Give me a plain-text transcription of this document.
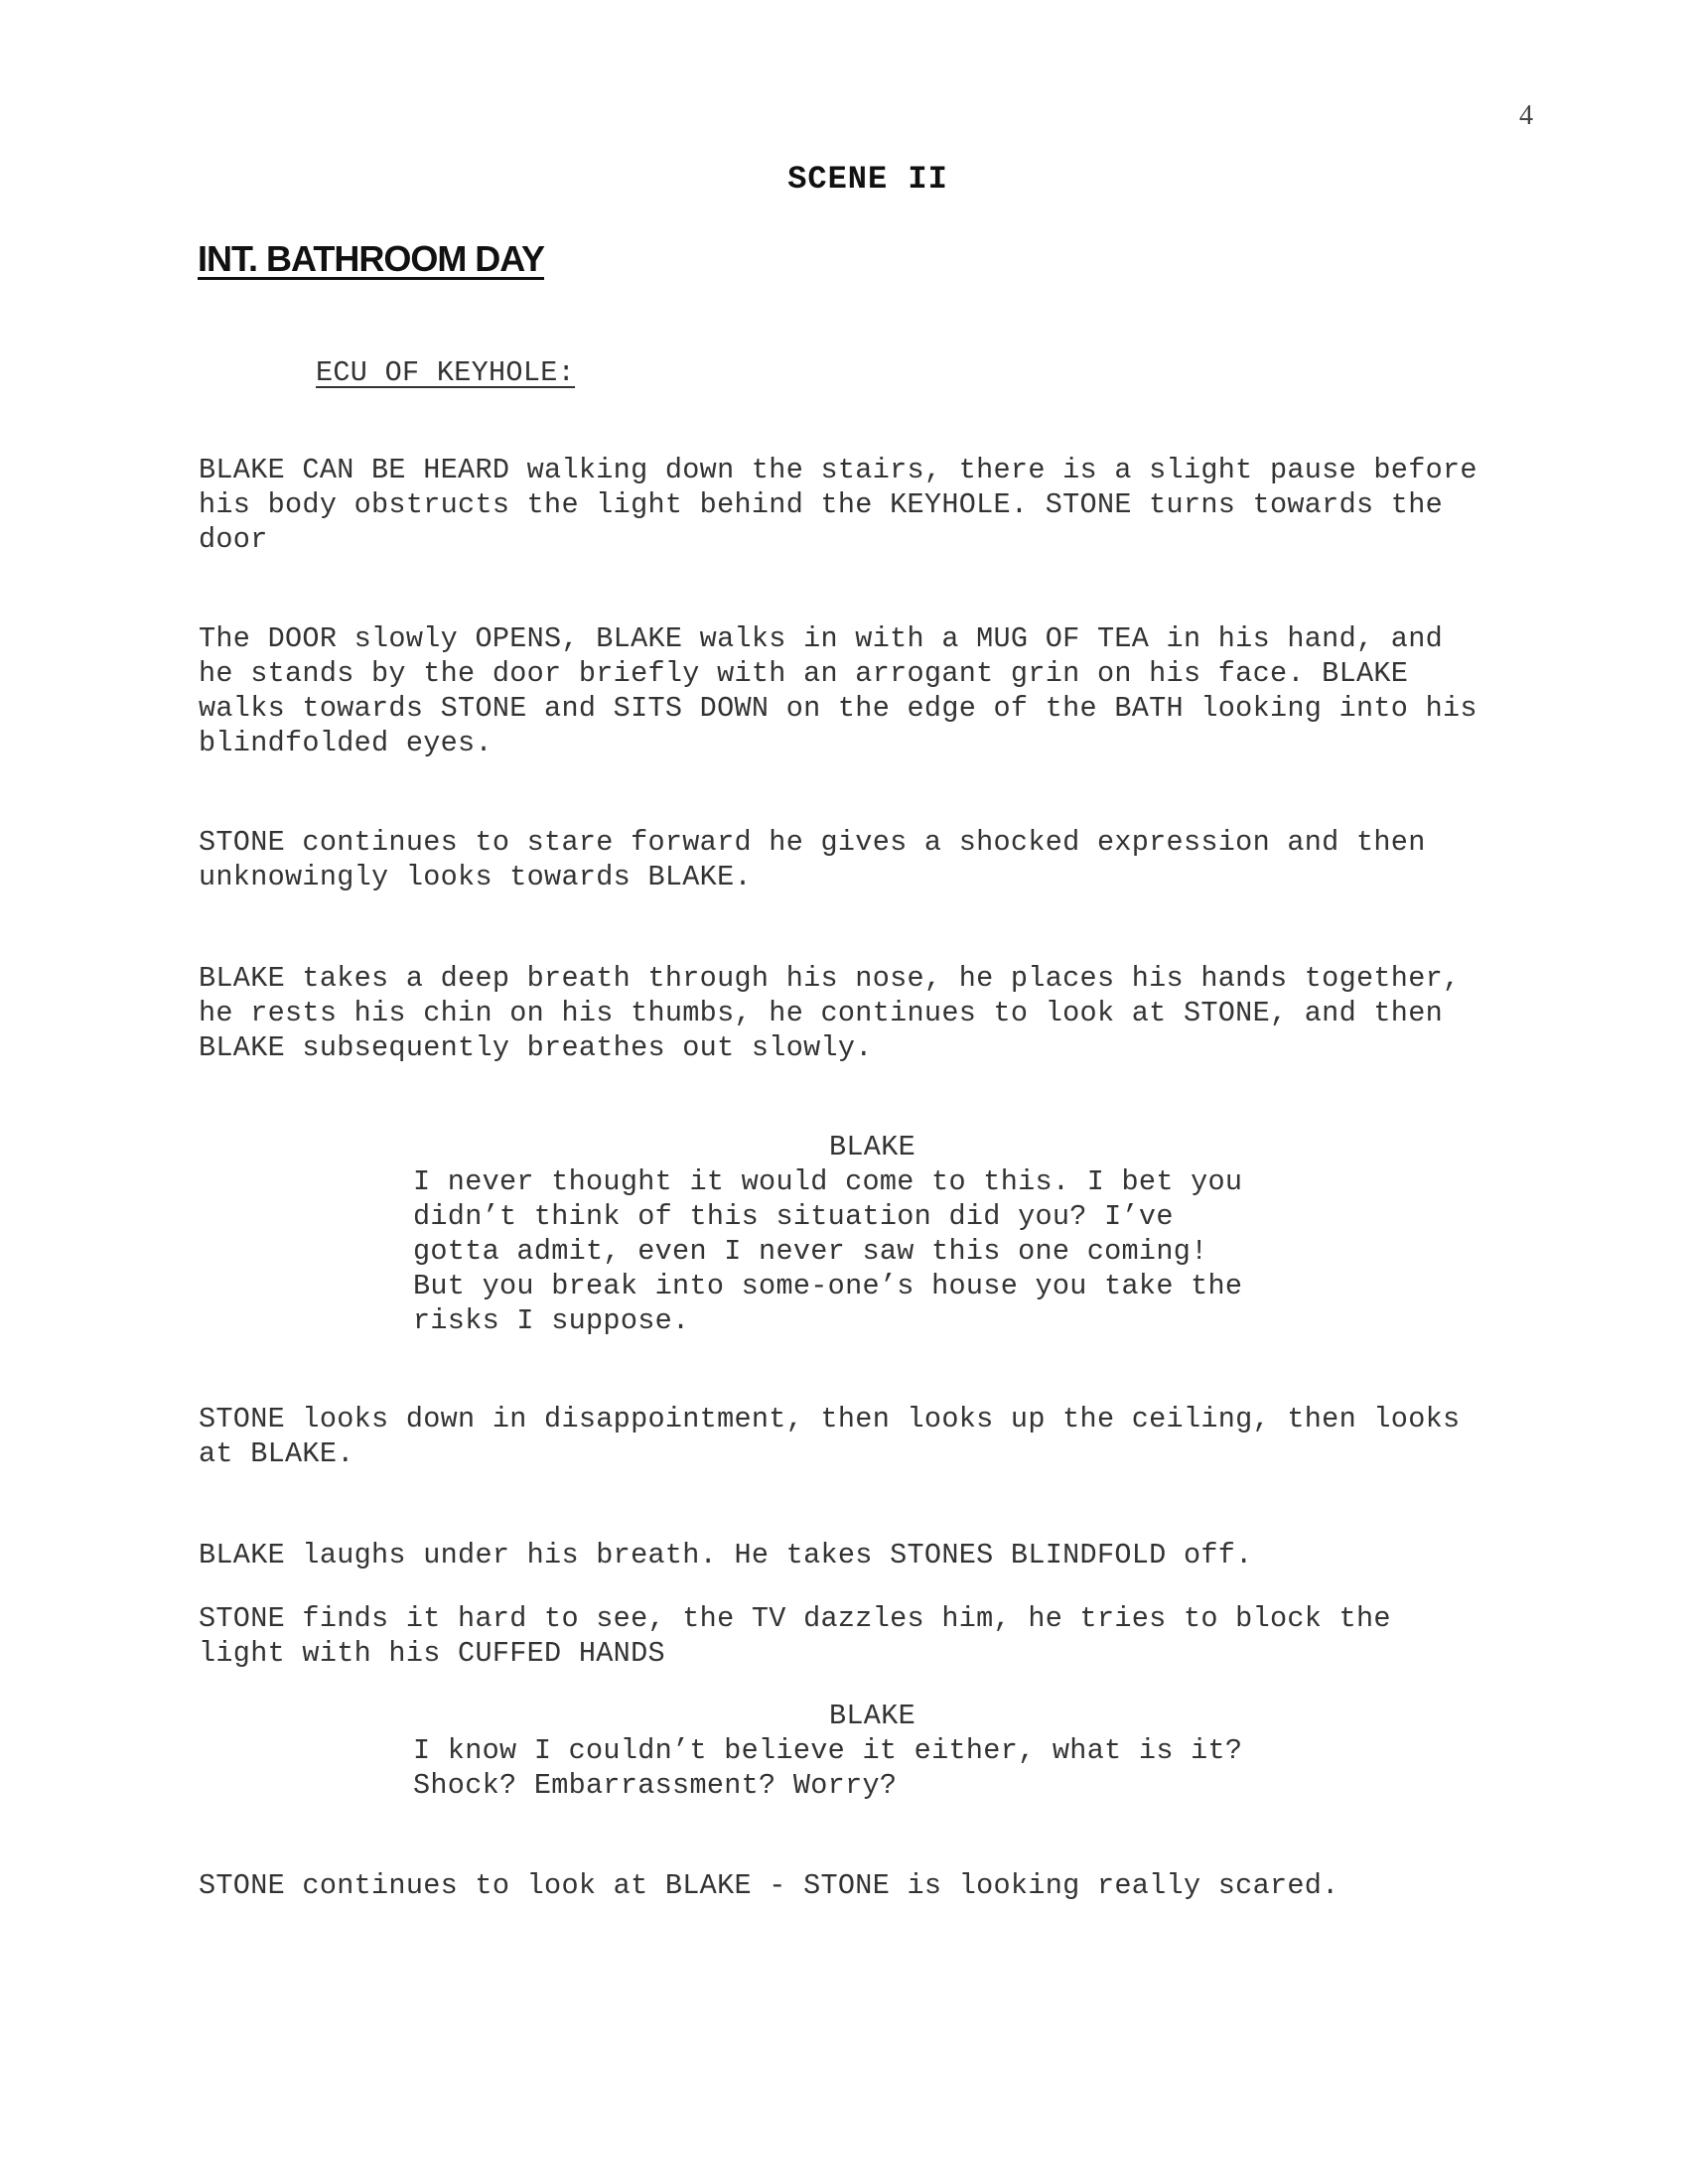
4
SCENE II
INT. BATHROOM DAY
ECU OF KEYHOLE:
BLAKE CAN BE HEARD walking down the stairs, there is a slight pause before
his body obstructs the light behind the KEYHOLE. STONE turns towards the
door
The DOOR slowly OPENS, BLAKE walks in with a MUG OF TEA in his hand, and
he stands by the door briefly with an arrogant grin on his face. BLAKE
walks towards STONE and SITS DOWN on the edge of the BATH looking into his
blindfolded eyes.
STONE continues to stare forward he gives a shocked expression and then
unknowingly looks towards BLAKE.
BLAKE takes a deep breath through his nose, he places his hands together,
he rests his chin on his thumbs, he continues to look at STONE, and then
BLAKE subsequently breathes out slowly.
BLAKE
I never thought it would come to this. I bet you
didn’t think of this situation did you? I’ve
gotta admit, even I never saw this one coming!
But you break into some-one’s house you take the
risks I suppose.
STONE looks down in disappointment, then looks up the ceiling, then looks
at BLAKE.
BLAKE laughs under his breath. He takes STONES BLINDFOLD off.
STONE finds it hard to see, the TV dazzles him, he tries to block the
light with his CUFFED HANDS
BLAKE
I know I couldn’t believe it either, what is it?
Shock? Embarrassment? Worry?
STONE continues to look at BLAKE - STONE is looking really scared.
